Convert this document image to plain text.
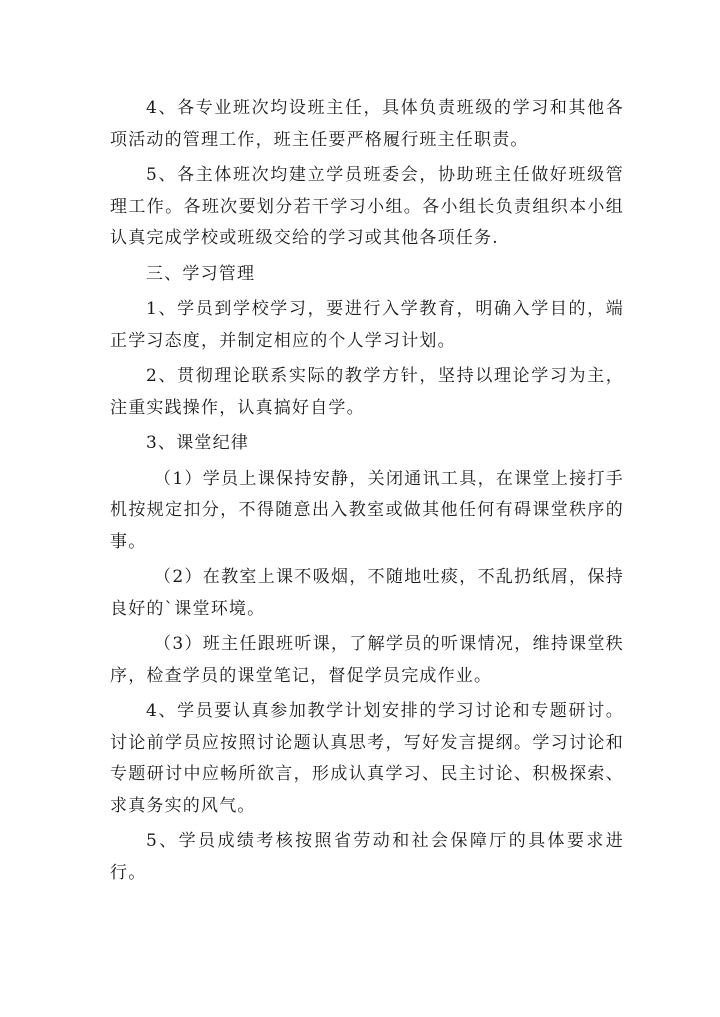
4、各专业班次均设班主任，具体负责班级的学习和其他各项活动的管理工作，班主任要严格履行班主任职责。

5、各主体班次均建立学员班委会，协助班主任做好班级管理工作。各班次要划分若干学习小组。各小组长负责组织本小组认真完成学校或班级交给的学习或其他各项任务.

三、学习管理

1、学员到学校学习，要进行入学教育，明确入学目的，端正学习态度，并制定相应的个人学习计划。

2、贯彻理论联系实际的教学方针，坚持以理论学习为主，注重实践操作，认真搞好自学。

3、课堂纪律

（1）学员上课保持安静，关闭通讯工具，在课堂上接打手机按规定扣分，不得随意出入教室或做其他任何有碍课堂秩序的事。

（2）在教室上课不吸烟，不随地吐痰，不乱扔纸屑，保持良好的`课堂环境。

（3）班主任跟班听课，了解学员的听课情况，维持课堂秩序，检查学员的课堂笔记，督促学员完成作业。

4、学员要认真参加教学计划安排的学习讨论和专题研讨。讨论前学员应按照讨论题认真思考，写好发言提纲。学习讨论和专题研讨中应畅所欲言，形成认真学习、民主讨论、积极探索、求真务实的风气。

5、学员成绩考核按照省劳动和社会保障厅的具体要求进行。
